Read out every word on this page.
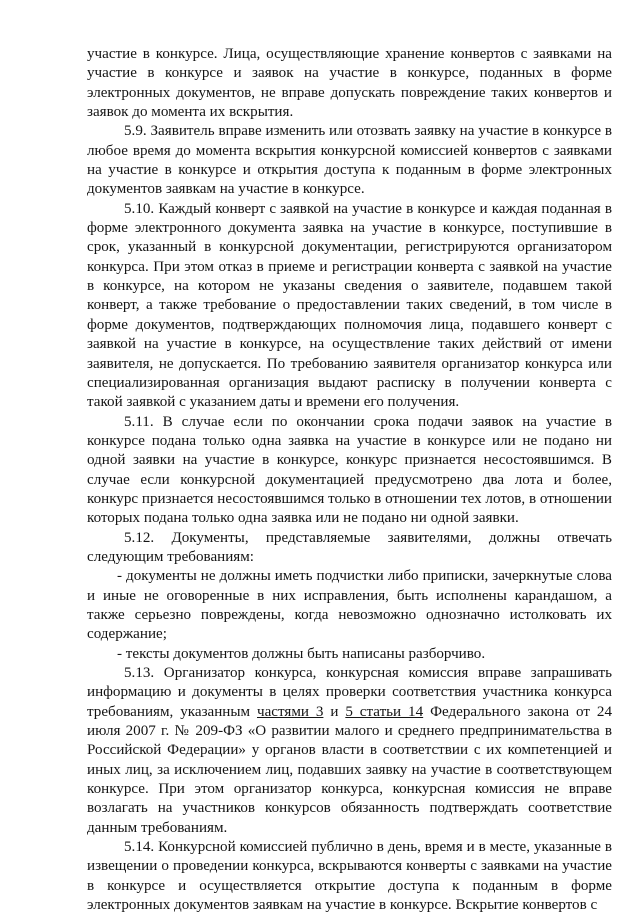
участие в конкурсе. Лица, осуществляющие хранение конвертов с заявками на участие в конкурсе и заявок на участие в конкурсе, поданных в форме электронных документов, не вправе допускать повреждение таких конвертов и заявок до момента их вскрытия.

5.9. Заявитель вправе изменить или отозвать заявку на участие в конкурсе в любое время до момента вскрытия конкурсной комиссией конвертов с заявками на участие в конкурсе и открытия доступа к поданным в форме электронных документов заявкам на участие в конкурсе.

5.10. Каждый конверт с заявкой на участие в конкурсе и каждая поданная в форме электронного документа заявка на участие в конкурсе, поступившие в срок, указанный в конкурсной документации, регистрируются организатором конкурса. При этом отказ в приеме и регистрации конверта с заявкой на участие в конкурсе, на котором не указаны сведения о заявителе, подавшем такой конверт, а также требование о предоставлении таких сведений, в том числе в форме документов, подтверждающих полномочия лица, подавшего конверт с заявкой на участие в конкурсе, на осуществление таких действий от имени заявителя, не допускается. По требованию заявителя организатор конкурса или специализированная организация выдают расписку в получении конверта с такой заявкой с указанием даты и времени его получения.

5.11. В случае если по окончании срока подачи заявок на участие в конкурсе подана только одна заявка на участие в конкурсе или не подано ни одной заявки на участие в конкурсе, конкурс признается несостоявшимся. В случае если конкурсной документацией предусмотрено два лота и более, конкурс признается несостоявшимся только в отношении тех лотов, в отношении которых подана только одна заявка или не подано ни одной заявки.

5.12. Документы, представляемые заявителями, должны отвечать следующим требованиям:

- документы не должны иметь подчистки либо приписки, зачеркнутые слова и иные не оговоренные в них исправления, быть исполнены карандашом, а также серьезно повреждены, когда невозможно однозначно истолковать их содержание;

- тексты документов должны быть написаны разборчиво.

5.13. Организатор конкурса, конкурсная комиссия вправе запрашивать информацию и документы в целях проверки соответствия участника конкурса требованиям, указанным частями 3 и 5 статьи 14 Федерального закона от 24 июля 2007 г. № 209-ФЗ «О развитии малого и среднего предпринимательства в Российской Федерации» у органов власти в соответствии с их компетенцией и иных лиц, за исключением лиц, подавших заявку на участие в соответствующем конкурсе. При этом организатор конкурса, конкурсная комиссия не вправе возлагать на участников конкурсов обязанность подтверждать соответствие данным требованиям.

5.14. Конкурсной комиссией публично в день, время и в месте, указанные в извещении о проведении конкурса, вскрываются конверты с заявками на участие в конкурсе и осуществляется открытие доступа к поданным в форме электронных документов заявкам на участие в конкурсе. Вскрытие конвертов с
